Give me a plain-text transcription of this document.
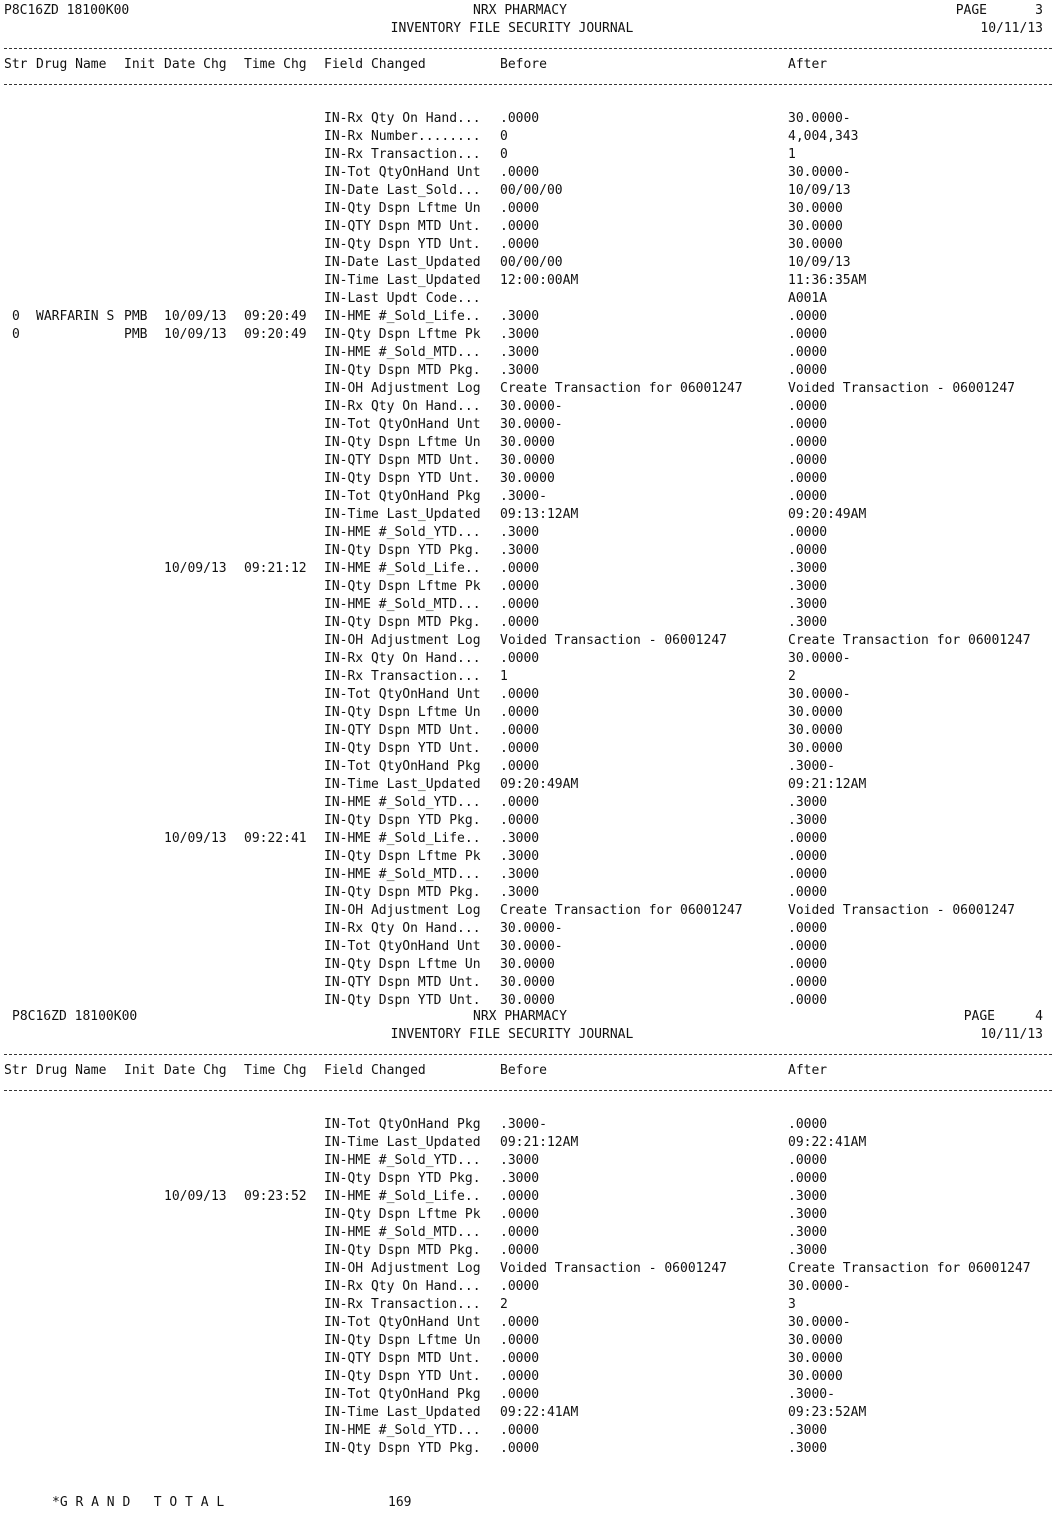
P8C16ZD 18100K00	NRX PHARMACY
INVENTORY FILE SECURITY JOURNAL
PAGE	3
10/11/13
Str Drug Name Init Date Chg Time Chg Field Changed	Before	After
IN-Rx Qty On Hand... .0000	30.0000-
IN-Rx Number........ 0	4,004,343
IN-Rx Transaction... 0	1
IN-Tot QtyOnHand Unt .0000	30.0000-
IN-Date Last_Sold... 00/00/00	10/09/13
IN-Qty Dspn Lftme Un .0000	30.0000
IN-QTY Dspn MTD Unt. .0000	30.0000
IN-Qty Dspn YTD Unt. .0000	30.0000
IN-Date Last_Updated 00/00/00	10/09/13
IN-Time Last_Updated 12:00:00AM	11:36:35AM
IN-Last Updt Code...	A001A
0 WARFARIN S PMB 10/09/13 09:20:49 IN-HME #_Sold_Life.. .3000	.0000
0	PMB 10/09/13 09:20:49 IN-Qty Dspn Lftme Pk .3000	.0000
IN-HME #_Sold_MTD... .3000	.0000
IN-Qty Dspn MTD Pkg. .3000	.0000
IN-OH Adjustment Log Create Transaction for 06001247	Voided Transaction - 06001247
IN-Rx Qty On Hand... 30.0000-	.0000
IN-Tot QtyOnHand Unt 30.0000-	.0000
IN-Qty Dspn Lftme Un 30.0000	.0000
IN-QTY Dspn MTD Unt. 30.0000	.0000
IN-Qty Dspn YTD Unt. 30.0000	.0000
IN-Tot QtyOnHand Pkg .3000-	.0000
IN-Time Last_Updated 09:13:12AM	09:20:49AM
IN-HME #_Sold_YTD... .3000	.0000
IN-Qty Dspn YTD Pkg. .3000	.0000
10/09/13 09:21:12 IN-HME #_Sold_Life.. .0000	.3000
IN-Qty Dspn Lftme Pk .0000	.3000
IN-HME #_Sold_MTD... .0000	.3000
IN-Qty Dspn MTD Pkg. .0000	.3000
IN-OH Adjustment Log Voided Transaction - 06001247	Create Transaction for 06001247
IN-Rx Qty On Hand... .0000	30.0000-
IN-Rx Transaction... 1	2
IN-Tot QtyOnHand Unt .0000	30.0000-
IN-Qty Dspn Lftme Un .0000	30.0000
IN-QTY Dspn MTD Unt. .0000	30.0000
IN-Qty Dspn YTD Unt. .0000	30.0000
IN-Tot QtyOnHand Pkg .0000	.3000-
IN-Time Last_Updated 09:20:49AM	09:21:12AM
IN-HME #_Sold_YTD... .0000	.3000
IN-Qty Dspn YTD Pkg. .0000	.3000
10/09/13 09:22:41 IN-HME #_Sold_Life.. .3000	.0000
IN-Qty Dspn Lftme Pk .3000	.0000
IN-HME #_Sold_MTD... .3000	.0000
IN-Qty Dspn MTD Pkg. .3000	.0000
IN-OH Adjustment Log Create Transaction for 06001247	Voided Transaction - 06001247
IN-Rx Qty On Hand... 30.0000-	.0000
IN-Tot QtyOnHand Unt 30.0000-	.0000
IN-Qty Dspn Lftme Un 30.0000	.0000
IN-QTY Dspn MTD Unt. 30.0000	.0000
IN-Qty Dspn YTD Unt. 30.0000	.0000
P8C16ZD 18100K00	NRX PHARMACY
INVENTORY FILE SECURITY JOURNAL
PAGE	4
10/11/13
Str Drug Name Init Date Chg Time Chg Field Changed	Before	After
IN-Tot QtyOnHand Pkg .3000-	.0000
IN-Time Last_Updated 09:21:12AM	09:22:41AM
IN-HME #_Sold_YTD... .3000	.0000
IN-Qty Dspn YTD Pkg. .3000	.0000
10/09/13 09:23:52 IN-HME #_Sold_Life.. .0000	.3000
IN-Qty Dspn Lftme Pk .0000	.3000
IN-HME #_Sold_MTD... .0000	.3000
IN-Qty Dspn MTD Pkg. .0000	.3000
IN-OH Adjustment Log Voided Transaction - 06001247	Create Transaction for 06001247
IN-Rx Qty On Hand... .0000	30.0000-
IN-Rx Transaction... 2	3
IN-Tot QtyOnHand Unt .0000	30.0000-
IN-Qty Dspn Lftme Un .0000	30.0000
IN-QTY Dspn MTD Unt. .0000	30.0000
IN-Qty Dspn YTD Unt. .0000	30.0000
IN-Tot QtyOnHand Pkg .0000	.3000-
IN-Time Last_Updated 09:22:41AM	09:23:52AM
IN-HME #_Sold_YTD... .0000	.3000
IN-Qty Dspn YTD Pkg. .0000	.3000
*G R A N D   T O T A L	169
